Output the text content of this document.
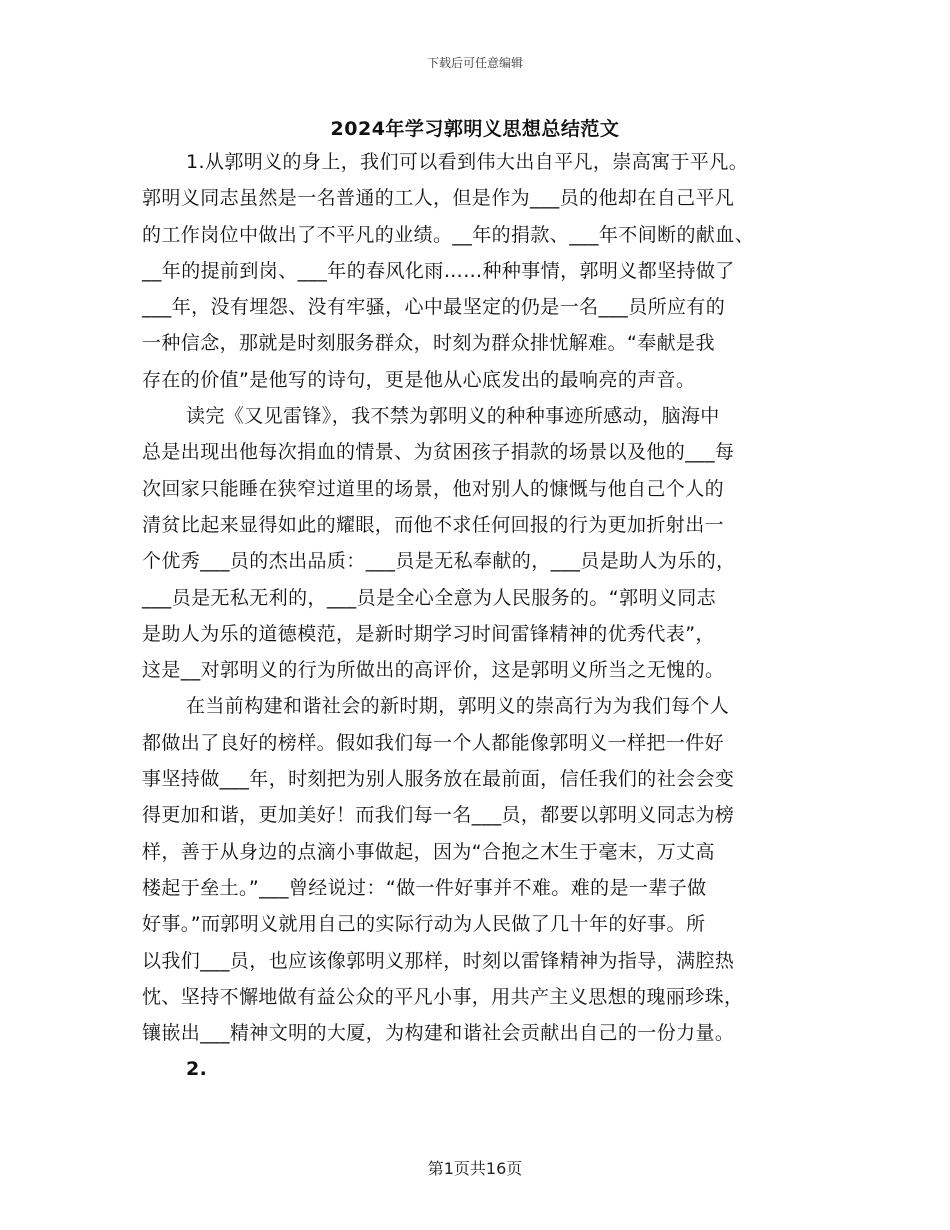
下载后可任意编辑
2024年学习郭明义思想总结范文
1.从郭明义的身上，我们可以看到伟大出自平凡，崇高寓于平凡。
郭明义同志虽然是一名普通的工人，但是作为___员的他却在自己平凡
的工作岗位中做出了不平凡的业绩。__年的捐款、___年不间断的献血、
__年的提前到岗、___年的春风化雨……种种事情，郭明义都坚持做了
___年，没有埋怨、没有牢骚，心中最坚定的仍是一名___员所应有的
一种信念，那就是时刻服务群众，时刻为群众排忧解难。“奉献是我
存在的价值”是他写的诗句，更是他从心底发出的最响亮的声音。
读完《又见雷锋》，我不禁为郭明义的种种事迹所感动，脑海中
总是出现出他每次捐血的情景、为贫困孩子捐款的场景以及他的___每
次回家只能睡在狭窄过道里的场景，他对别人的慷慨与他自己个人的
清贫比起来显得如此的耀眼，而他不求任何回报的行为更加折射出一
个优秀___员的杰出品质：___员是无私奉献的，___员是助人为乐的，
___员是无私无利的，___员是全心全意为人民服务的。“郭明义同志
是助人为乐的道德模范，是新时期学习时间雷锋精神的优秀代表”，
这是__对郭明义的行为所做出的高评价，这是郭明义所当之无愧的。
在当前构建和谐社会的新时期，郭明义的崇高行为为我们每个人
都做出了良好的榜样。假如我们每一个人都能像郭明义一样把一件好
事坚持做___年，时刻把为别人服务放在最前面，信任我们的社会会变
得更加和谐，更加美好！而我们每一名___员，都要以郭明义同志为榜
样，善于从身边的点滴小事做起，因为“合抱之木生于毫末，万丈高
楼起于垒土。”___曾经说过：“做一件好事并不难。难的是一辈子做
好事。”而郭明义就用自己的实际行动为人民做了几十年的好事。所
以我们___员，也应该像郭明义那样，时刻以雷锋精神为指导，满腔热
忱、坚持不懈地做有益公众的平凡小事，用共产主义思想的瑰丽珍珠，
镶嵌出___精神文明的大厦，为构建和谐社会贡献出自己的一份力量。
2.
第1页共16页
